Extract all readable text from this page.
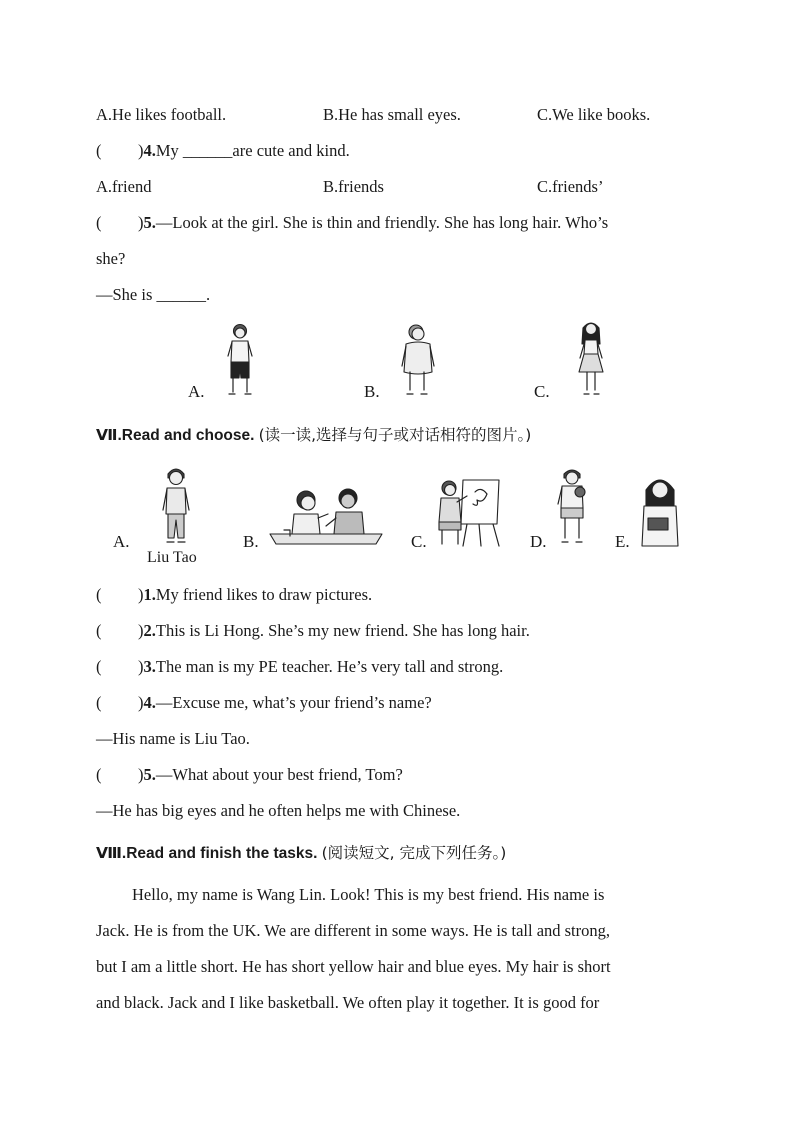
A.He likes football.	B.He has small eyes.	C.We like books.
( )4.My ______are cute and kind.
A.friend	B.friends	C.friends’
( )5.—Look at the girl. She is thin and friendly. She has long hair. Who’s
she?
—She is ______.
A.	B.	C.
Ⅶ.Read and choose. (读一读,选择与句子或对话相符的图片。)
A.
Liu Tao
B.	C.	D.	E.
( )1.My friend likes to draw pictures.
( )2.This is Li Hong. She’s my new friend. She has long hair.
( )3.The man is my PE teacher. He’s very tall and strong.
( )4.—Excuse me, what’s your friend’s name?
—His name is Liu Tao.
( )5.—What about your best friend, Tom?
—He has big eyes and he often helps me with Chinese.
Ⅷ.Read and finish the tasks. (阅读短文, 完成下列任务。)
Hello, my name is Wang Lin. Look! This is my best friend. His name is
Jack. He is from the UK. We are different in some ways. He is tall and strong,
but I am a little short. He has short yellow hair and blue eyes. My hair is short
and black. Jack and I like basketball. We often play it together. It is good for
